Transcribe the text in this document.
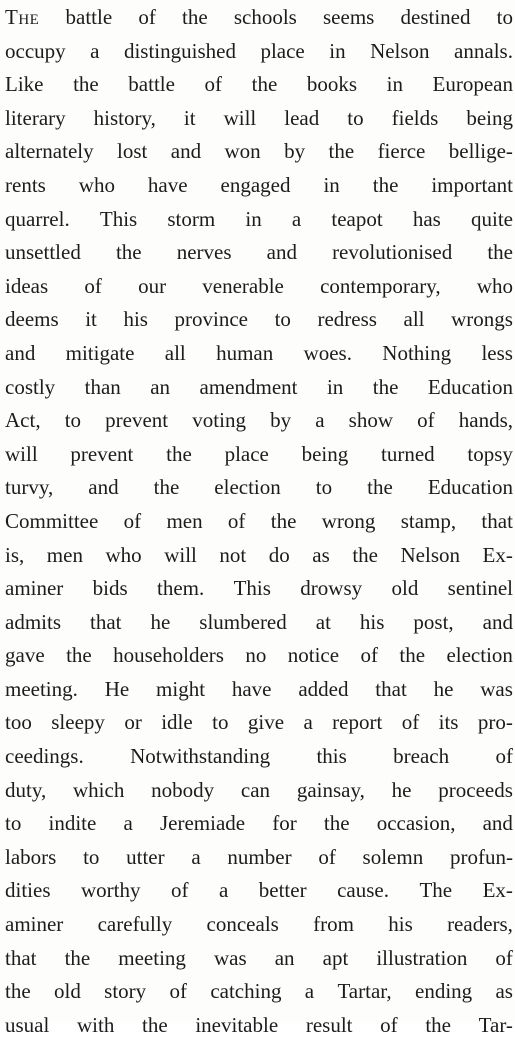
The battle of the schools seems destined to
occupy a distinguished place in Nelson annals.
Like the battle of the books in European
literary history, it will lead to fields being
alternately lost and won by the fierce bellige-
rents who have engaged in the important
quarrel. This storm in a teapot has quite
unsettled the nerves and revolutionised the
ideas of our venerable contemporary, who
deems it his province to redress all wrongs
and mitigate all human woes. Nothing less
costly than an amendment in the Education
Act, to prevent voting by a show of hands,
will prevent the place being turned topsy
turvy, and the election to the Education
Committee of men of the wrong stamp, that
is, men who will not do as the Nelson Ex-
aminer bids them. This drowsy old sentinel
admits that he slumbered at his post, and
gave the householders no notice of the election
meeting. He might have added that he was
too sleepy or idle to give a report of its pro-
ceedings. Notwithstanding this breach of
duty, which nobody can gainsay, he proceeds
to indite a Jeremiade for the occasion, and
labors to utter a number of solemn profun-
dities worthy of a better cause. The Ex-
aminer carefully conceals from his readers,
that the meeting was an apt illustration of
the old story of catching a Tartar, ending as
usual with the inevitable result of the Tar-
